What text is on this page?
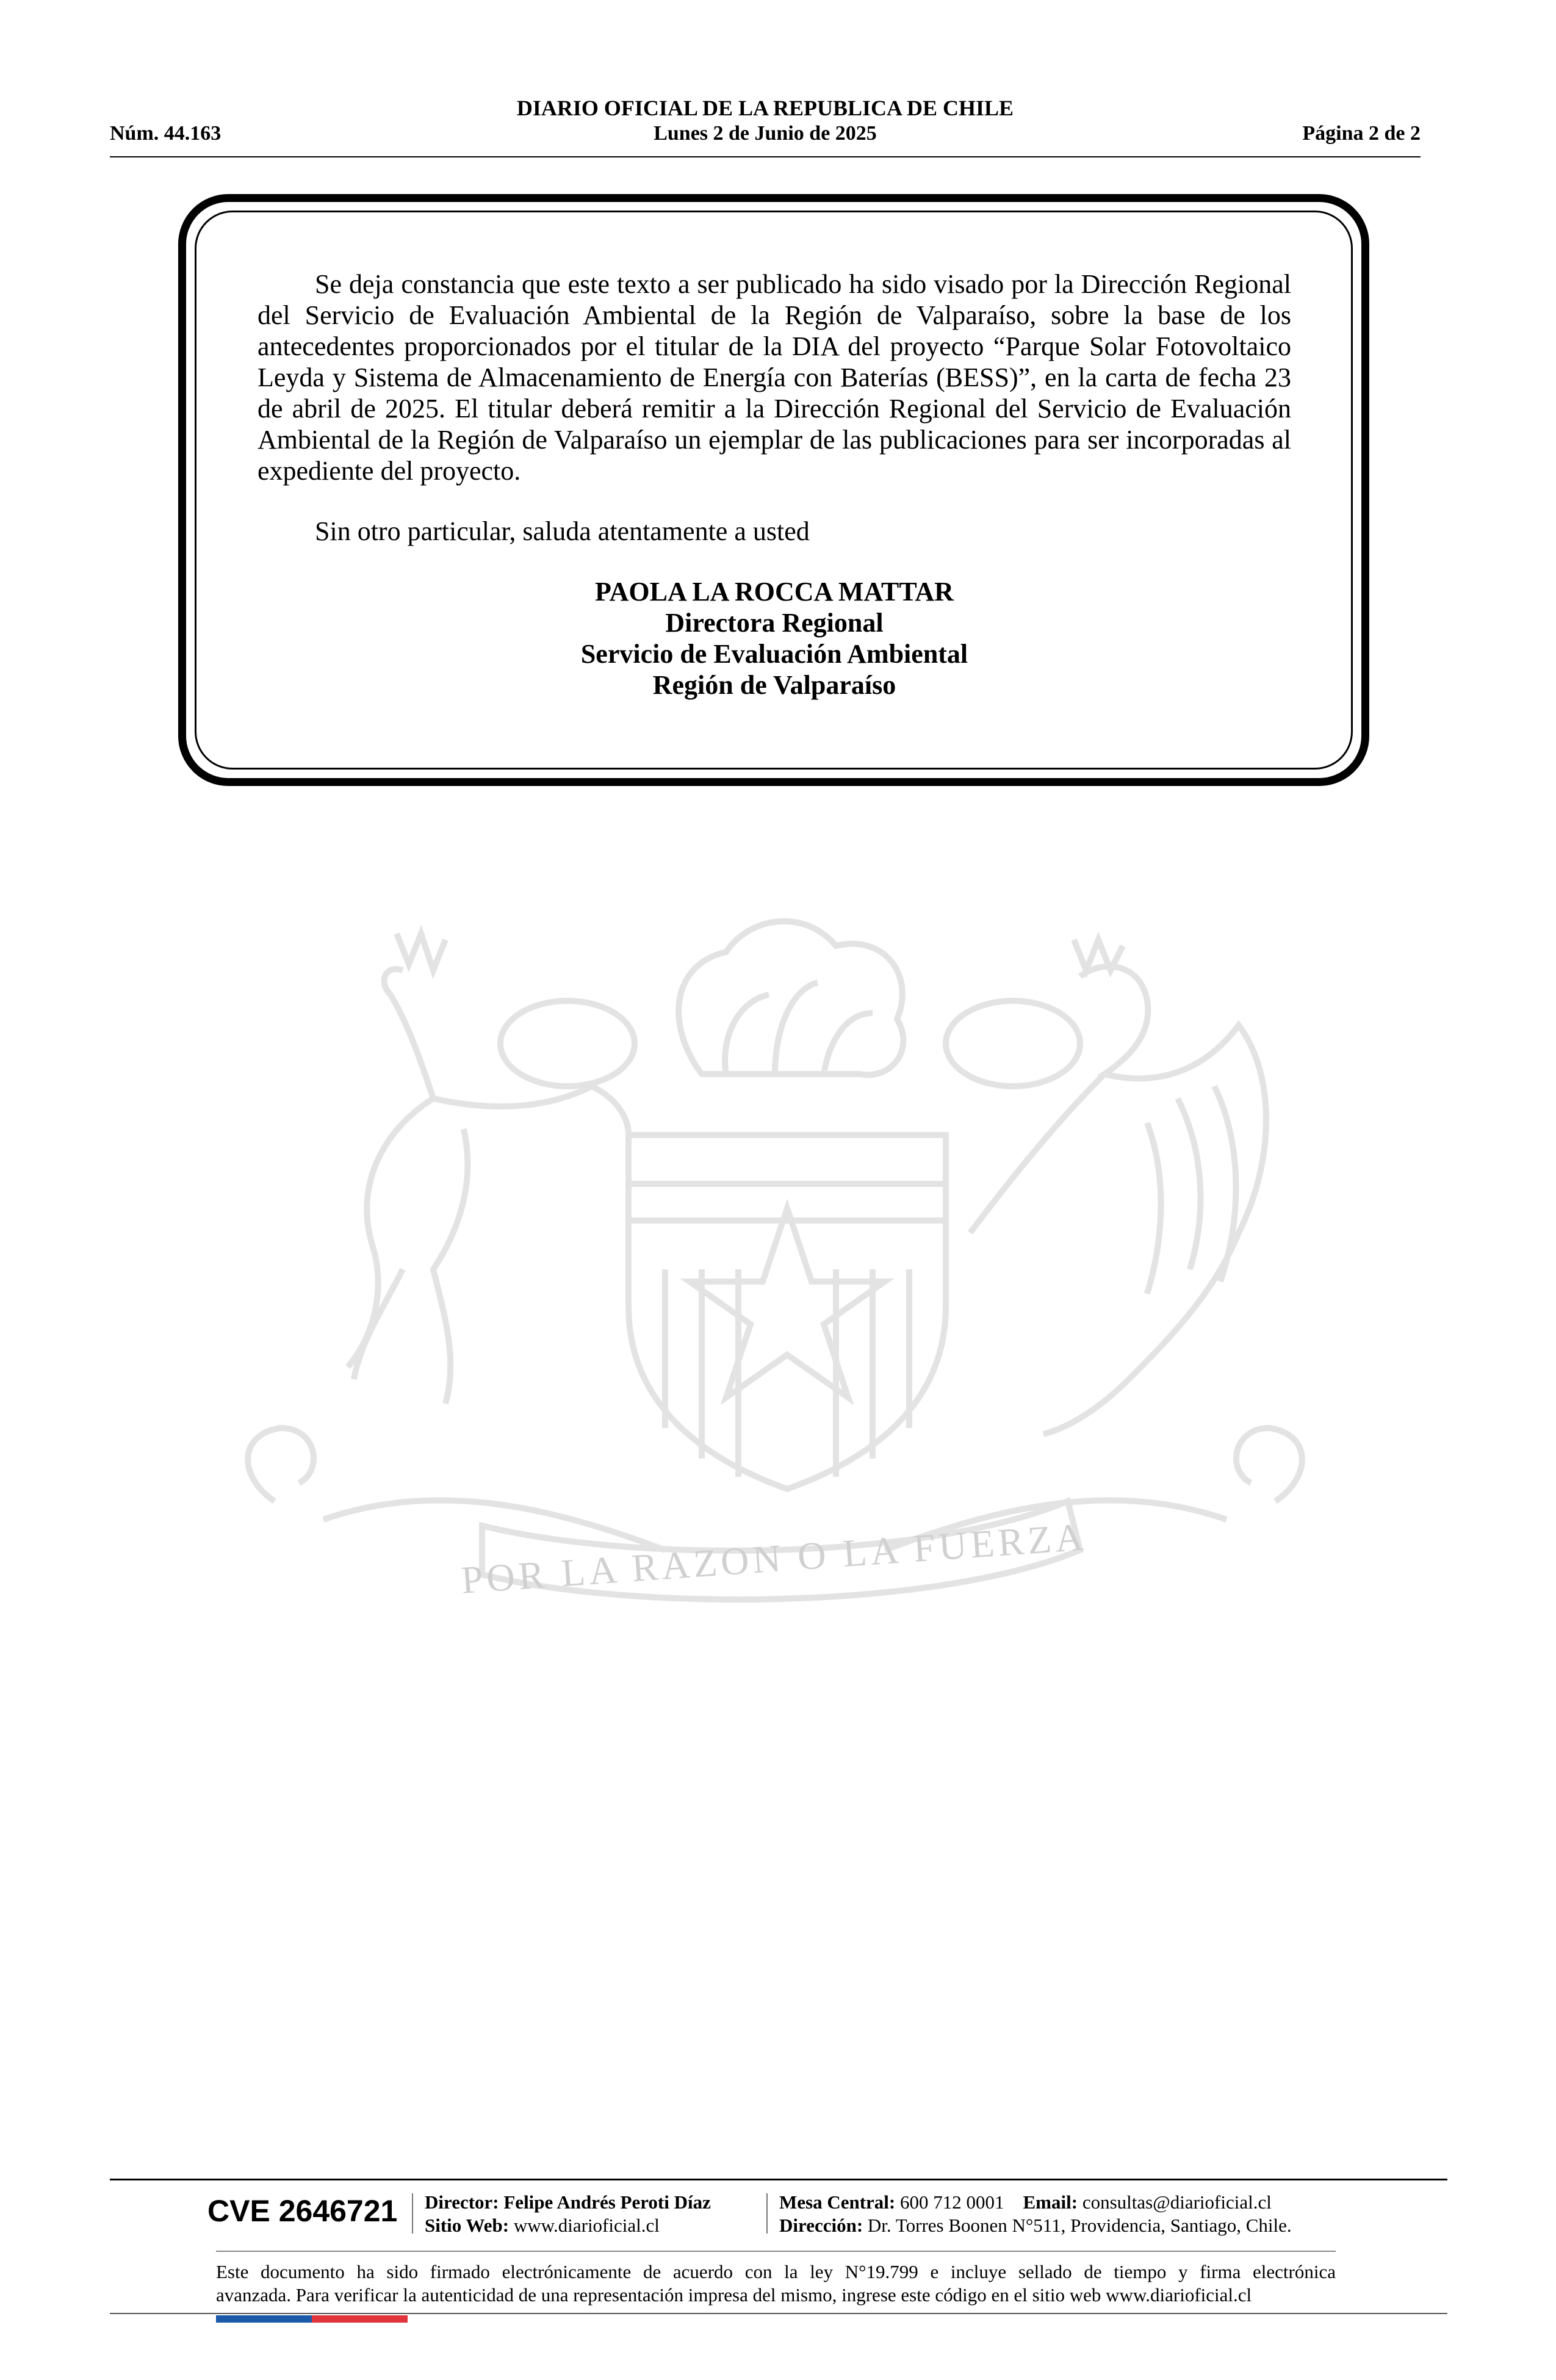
DIARIO OFICIAL DE LA REPUBLICA DE CHILE
Lunes 2 de Junio de 2025
Núm. 44.163	Página 2 de 2

Se deja constancia que este texto a ser publicado ha sido visado por la Dirección Regional del Servicio de Evaluación Ambiental de la Región de Valparaíso, sobre la base de los antecedentes proporcionados por el titular de la DIA del proyecto “Parque Solar Fotovoltaico Leyda y Sistema de Almacenamiento de Energía con Baterías (BESS)”, en la carta de fecha 23 de abril de 2025. El titular deberá remitir a la Dirección Regional del Servicio de Evaluación Ambiental de la Región de Valparaíso un ejemplar de las publicaciones para ser incorporadas al expediente del proyecto.

Sin otro particular, saluda atentamente a usted

PAOLA LA ROCCA MATTAR
Directora Regional
Servicio de Evaluación Ambiental
Región de Valparaíso
POR LA RAZON O LA FUERZA
CVE 2646721 Director: Felipe Andrés Peroti Díaz
Sitio Web: www.diarioficial.cl
Mesa Central: 600 712 0001 Email: consultas@diarioficial.cl
Dirección: Dr. Torres Boonen N°511, Providencia, Santiago, Chile.
Este documento ha sido firmado electrónicamente de acuerdo con la ley N°19.799 e incluye sellado de tiempo y firma electrónica
avanzada. Para verificar la autenticidad de una representación impresa del mismo, ingrese este código en el sitio web www.diarioficial.cl
